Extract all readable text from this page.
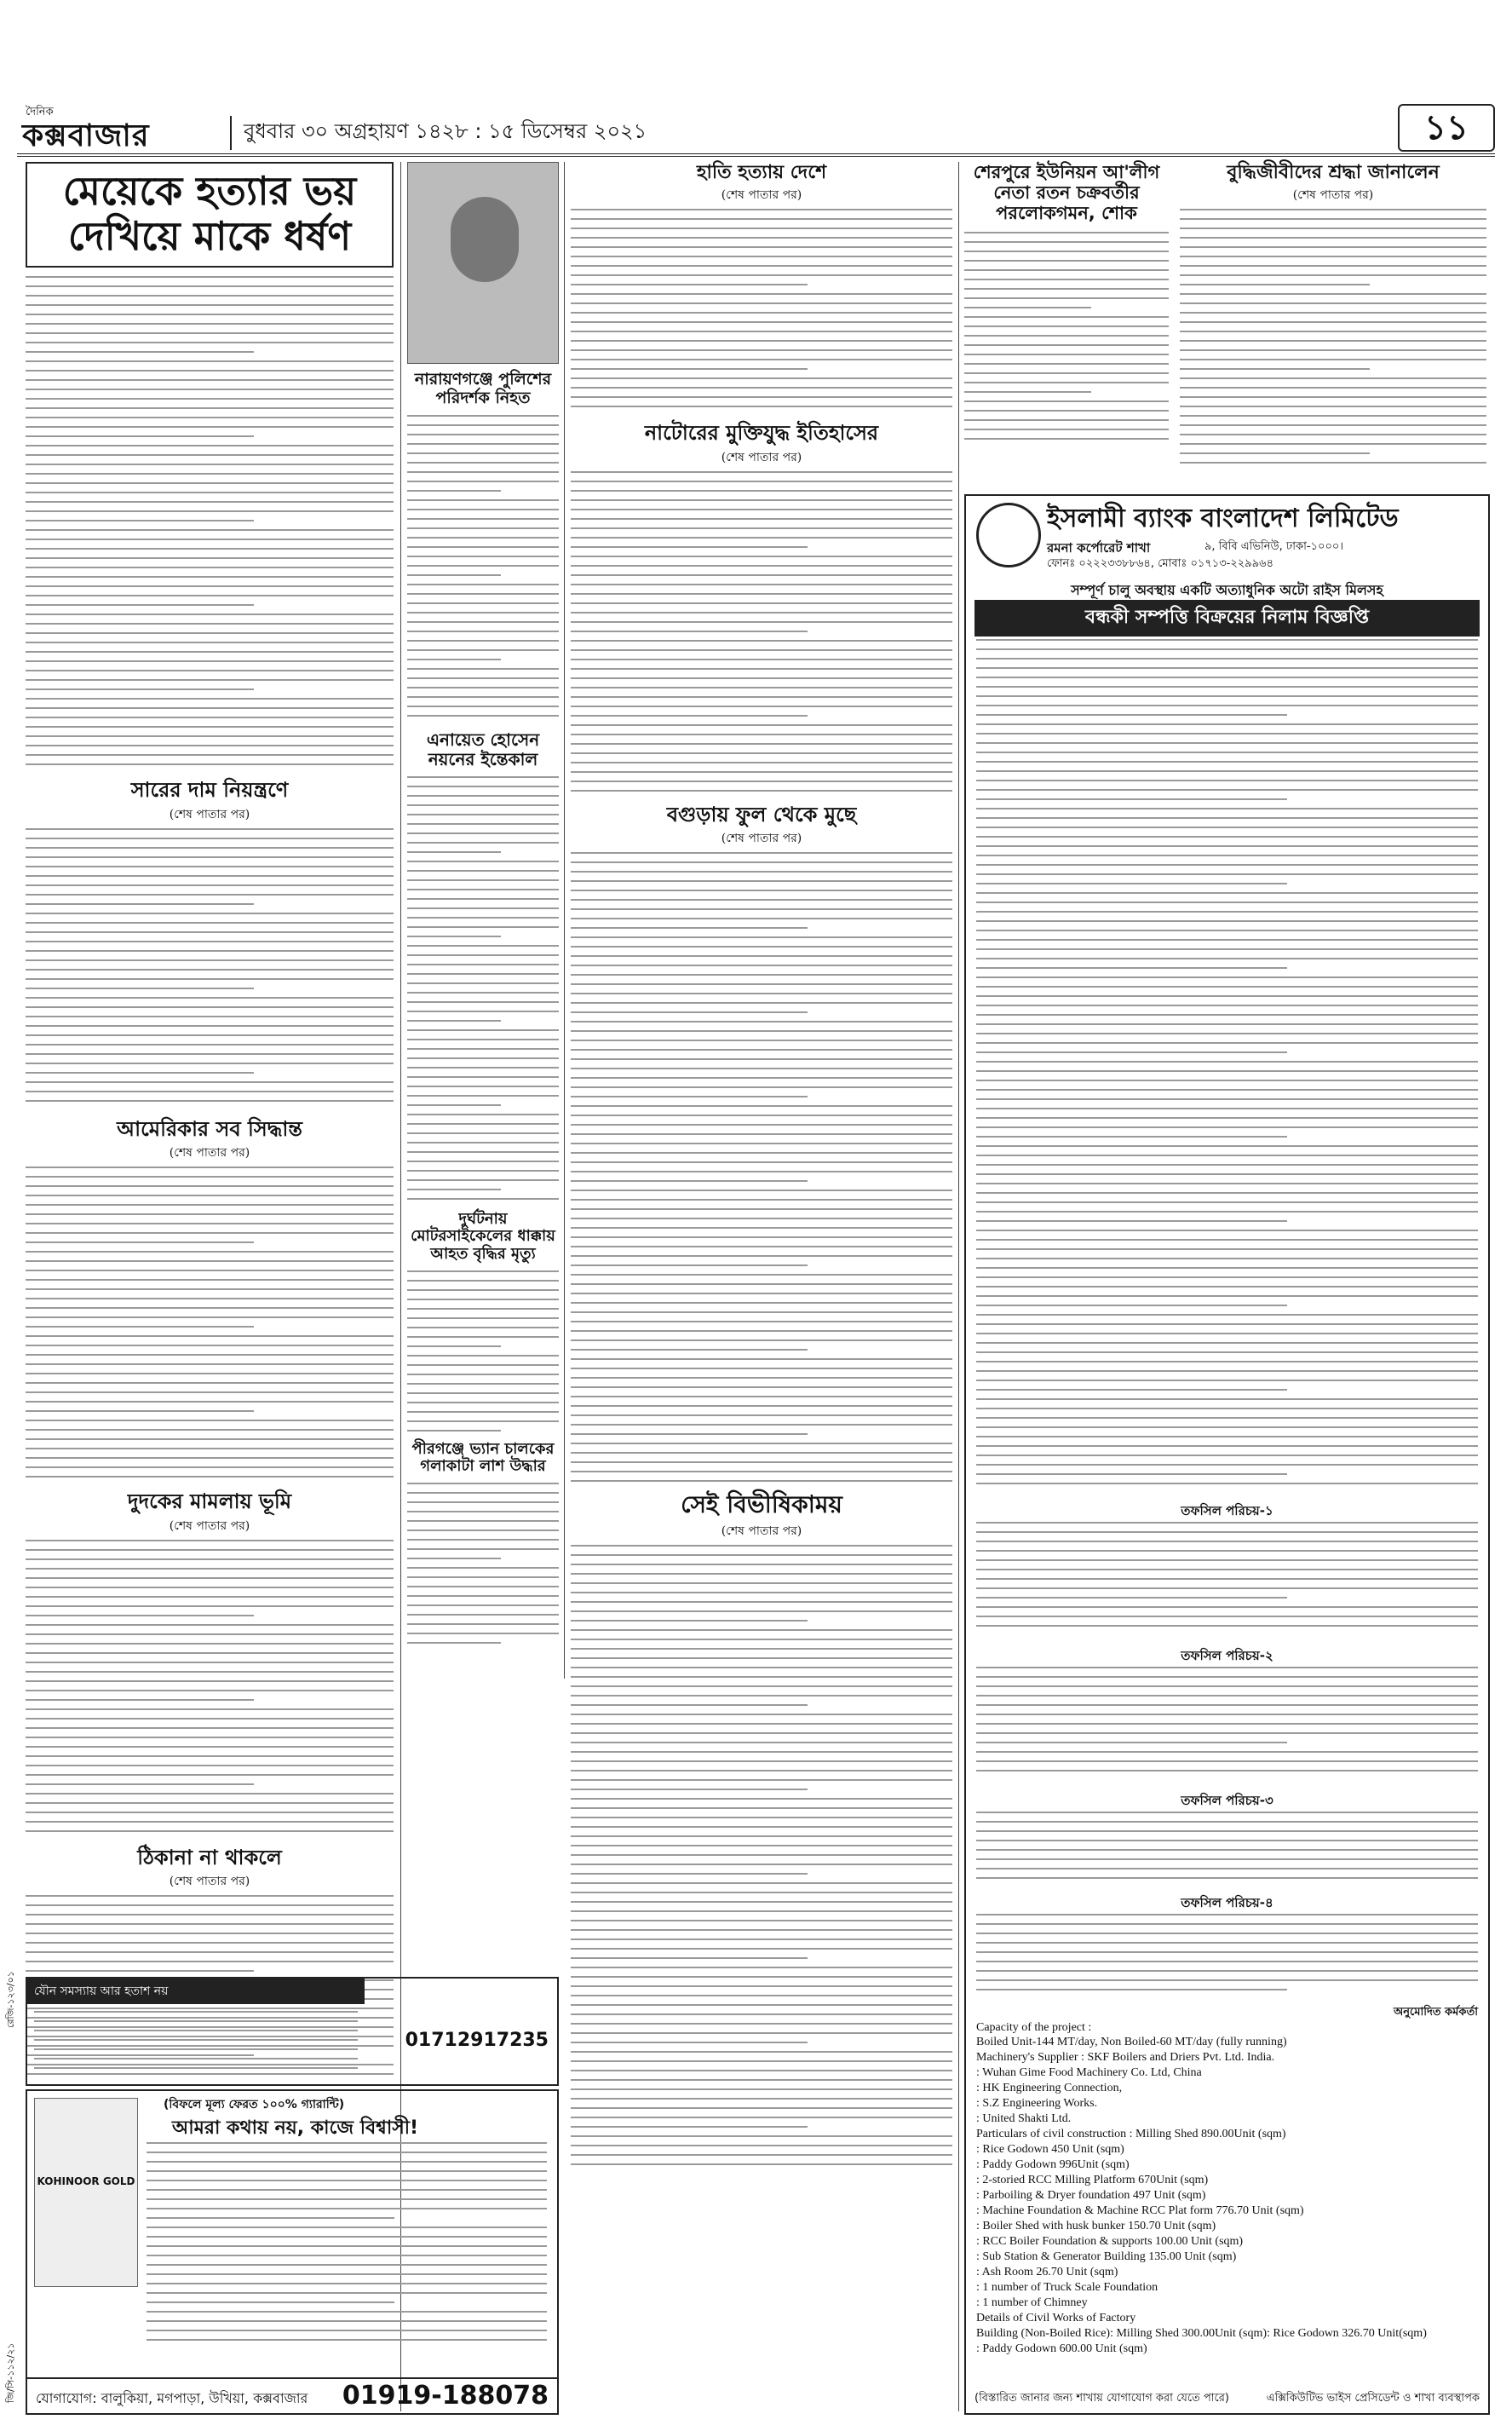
দৈনিক
কক্সবাজার	বুধবার ৩০ অগ্রহায়ণ ১৪২৮ : ১৫ ডিসেম্বর ২০২১	১১
মেয়েকে হত্যার ভয় দেখিয়ে মাকে ধর্ষণ
সারের দাম নিয়ন্ত্রণে

(শেষ পাতার পর)

আমেরিকার সব সিদ্ধান্ত

(শেষ পাতার পর)

দুদকের মামলায় ভূমি

(শেষ পাতার পর)

ঠিকানা না থাকলে

(শেষ পাতার পর)

যৌন সমস্যায় আর হতাশ নয়
01712917235
(বিফলে মূল্য ফেরত ১০০% গ্যারান্টি)
আমরা কথায় নয়, কাজে বিশ্বাসী!
KOHINOOR GOLD
যোগাযোগ: বালুকিয়া, মগপাড়া, উখিয়া, কক্সবাজার 01919-188078
নারায়ণগঞ্জে পুলিশের পরিদর্শক নিহত
এনায়েত হোসেন নয়নের ইন্তেকাল
দুর্ঘটনায় মোটরসাইকেলের ধাক্কায় আহত বৃদ্ধির মৃত্যু
পীরগঞ্জে ভ্যান চালকের গলাকাটা লাশ উদ্ধার
হাতি হত্যায় দেশে

(শেষ পাতার পর)

নাটোরের মুক্তিযুদ্ধ ইতিহাসের

(শেষ পাতার পর)

বগুড়ায় ফুল থেকে মুছে

(শেষ পাতার পর)

সেই বিভীষিকাময়

(শেষ পাতার পর)

শেরপুরে ইউনিয়ন আ'লীগ নেতা রতন চক্রবর্তীর পরলোকগমন, শোক
বুদ্ধিজীবীদের শ্রদ্ধা জানালেন

(শেষ পাতার পর)

ইসলামী ব্যাংক বাংলাদেশ লিমিটেড
রমনা কর্পোরেট শাখা	৯, বিবি এভিনিউ, ঢাকা-১০০০।
ফোনঃ ০২২২৩৩৮৮৬৪, মোবাঃ ০১৭১৩-২২৯৯৬৪
সম্পূর্ণ চালু অবস্থায় একটি অত্যাধুনিক অটো রাইস মিলসহ
বন্ধকী সম্পত্তি বিক্রয়ের নিলাম বিজ্ঞপ্তি
তফসিল পরিচয়-১
তফসিল পরিচয়-২
তফসিল পরিচয়-৩
তফসিল পরিচয়-৪
অনুমোদিত কর্মকর্তা
Capacity of the project :
Boiled Unit-144 MT/day, Non Boiled-60 MT/day (fully running)
Machinery's Supplier : SKF Boilers and Driers Pvt. Ltd. India.
: Wuhan Gime Food Machinery Co. Ltd, China
: HK Engineering Connection,
: S.Z Engineering Works.
: United Shakti Ltd.
Particulars of civil construction : Milling Shed 890.00Unit (sqm)
: Rice Godown 450 Unit (sqm)
: Paddy Godown 996Unit (sqm)
: 2-storied RCC Milling Platform 670Unit (sqm)
: Parboiling & Dryer foundation 497 Unit (sqm)
: Machine Foundation & Machine RCC Plat form 776.70 Unit (sqm)
: Boiler Shed with husk bunker 150.70 Unit (sqm)
: RCC Boiler Foundation & supports 100.00 Unit (sqm)
: Sub Station & Generator Building 135.00 Unit (sqm)
: Ash Room 26.70 Unit (sqm)
: 1 number of Truck Scale Foundation
: 1 number of Chimney
Details of Civil Works of Factory
Building (Non-Boiled Rice): Milling Shed 300.00Unit (sqm): Rice Godown 326.70 Unit(sqm)
: Paddy Godown 600.00 Unit (sqm)
(বিস্তারিত জানার জন্য শাখায় যোগাযোগ করা যেতে পারে)	এক্সিকিউটিভ ভাইস প্রেসিডেন্ট ও শাখা ব্যবস্থাপক
রেজি-১২৩/০১
জি/সি-১১২/২১
